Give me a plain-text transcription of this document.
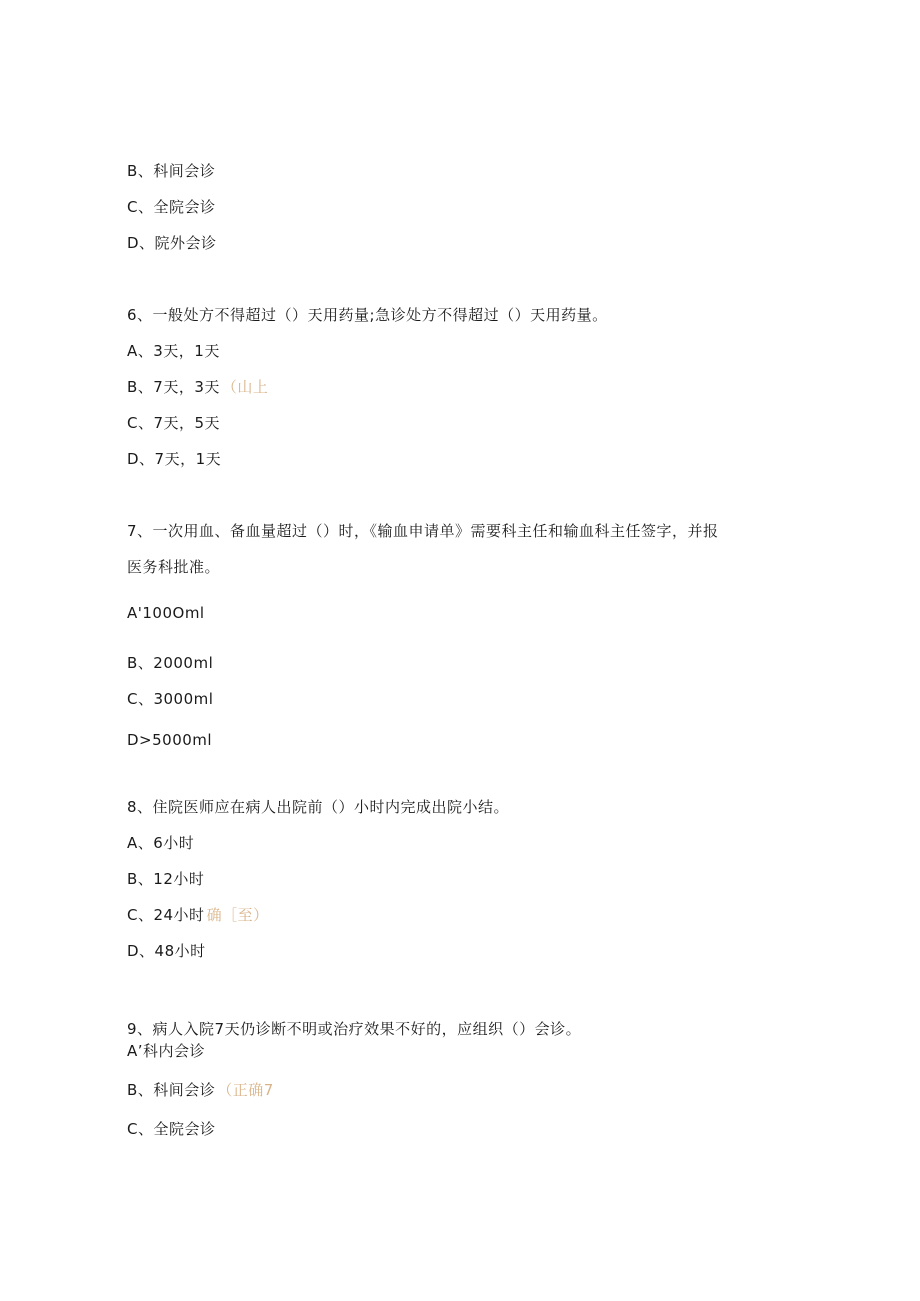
B、科间会诊
C、全院会诊
D、院外会诊
6、一般处方不得超过（）天用药量;急诊处方不得超过（）天用药量。
A、3天，1天
B、7天，3天 （山上
C、7天，5天
D、7天，1天
7、一次用血、备血量超过（）时，《输血申请单》需要科主任和输血科主任签字，并报
医务科批准。
A'100Oml
B、2000ml
C、3000ml
D>5000ml
8、住院医师应在病人出院前（）小时内完成出院小结。
A、6小时
B、12小时
C、24小时 确［至）
D、48小时
9、病人入院7天仍诊断不明或治疗效果不好的，应组织（）会诊。
A’科内会诊
B、科间会诊 （正确7
C、全院会诊
